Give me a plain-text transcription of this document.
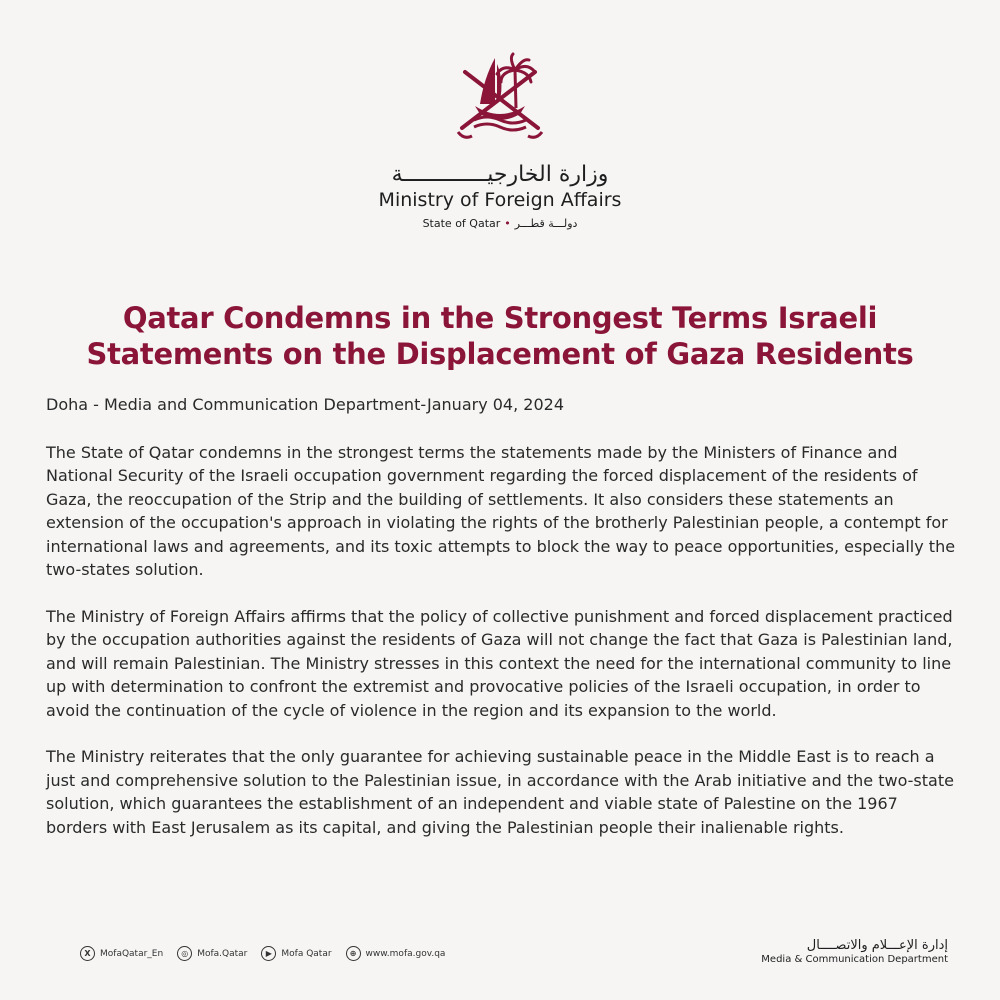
وزارة الخارجيـــــــــــــة
Ministry of Foreign Affairs
State of Qatar • دولـــة قطـــر
Qatar Condemns in the Strongest Terms Israeli
Statements on the Displacement of Gaza Residents

Doha - Media and Communication Department-January 04, 2024

The State of Qatar condemns in the strongest terms the statements made by the Ministers of Finance and National Security of the Israeli occupation government regarding the forced displacement of the residents of Gaza, the reoccupation of the Strip and the building of settlements. It also considers these statements an extension of the occupation's approach in violating the rights of the brotherly Palestinian people, a contempt for international laws and agreements, and its toxic attempts to block the way to peace opportunities, especially the two-states solution.

The Ministry of Foreign Affairs affirms that the policy of collective punishment and forced displacement practiced by the occupation authorities against the residents of Gaza will not change the fact that Gaza is Palestinian land, and will remain Palestinian. The Ministry stresses in this context the need for the international community to line up with determination to confront the extremist and provocative policies of the Israeli occupation, in order to avoid the continuation of the cycle of violence in the region and its expansion to the world.

The Ministry reiterates that the only guarantee for achieving sustainable peace in the Middle East is to reach a just and comprehensive solution to the Palestinian issue, in accordance with the Arab initiative and the two-state solution, which guarantees the establishment of an independent and viable state of Palestine on the 1967 borders with East Jerusalem as its capital, and giving the Palestinian people their inalienable rights.

X	MofaQatar_En	◎	Mofa.Qatar	▶	Mofa Qatar	⊕	www.mofa.gov.qa
إدارة الإعـــلام والاتصــــال
Media & Communication Department
